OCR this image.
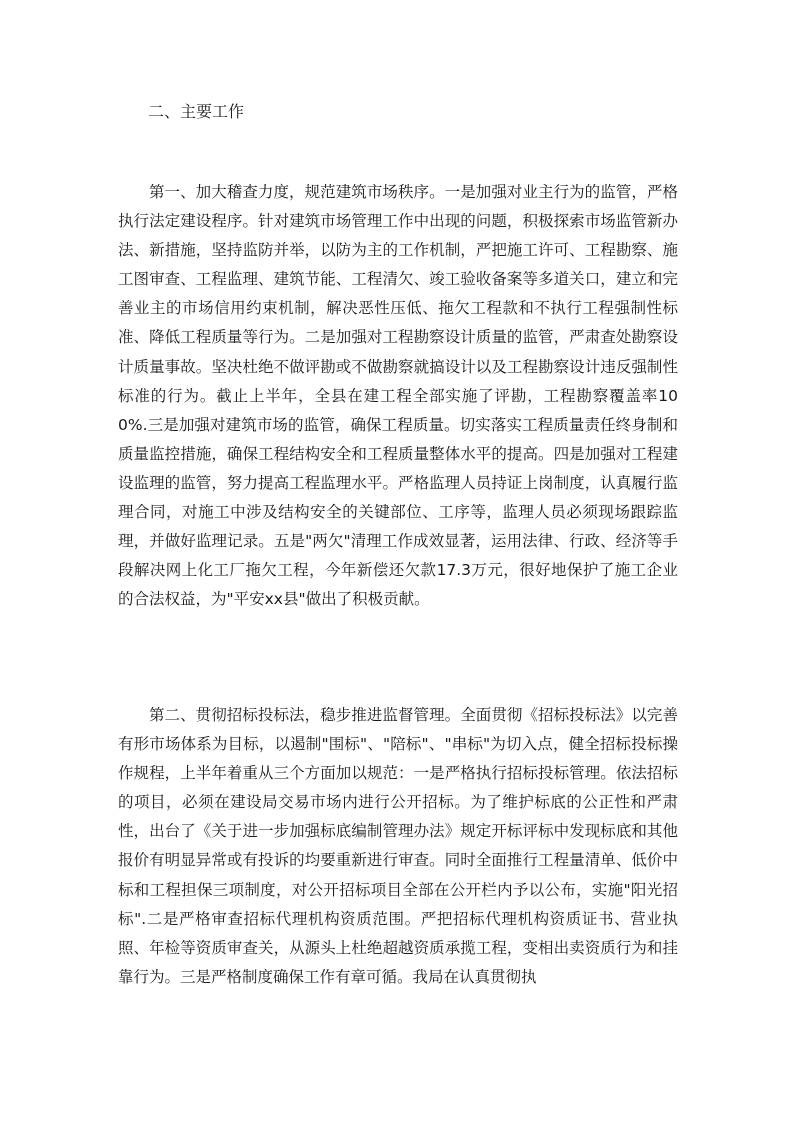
二、主要工作

第一、加大稽查力度，规范建筑市场秩序。一是加强对业主行为的监管，严格执行法定建设程序。针对建筑市场管理工作中出现的问题，积极探索市场监管新办法、新措施，坚持监防并举，以防为主的工作机制，严把施工许可、工程勘察、施工图审查、工程监理、建筑节能、工程清欠、竣工验收备案等多道关口，建立和完善业主的市场信用约束机制，解决恶性压低、拖欠工程款和不执行工程强制性标准、降低工程质量等行为。二是加强对工程勘察设计质量的监管，严肃查处勘察设计质量事故。坚决杜绝不做评勘或不做勘察就搞设计以及工程勘察设计违反强制性标准的行为。截止上半年，全县在建工程全部实施了评勘，工程勘察覆盖率100%.三是加强对建筑市场的监管，确保工程质量。切实落实工程质量责任终身制和质量监控措施，确保工程结构安全和工程质量整体水平的提高。四是加强对工程建设监理的监管，努力提高工程监理水平。严格监理人员持证上岗制度，认真履行监理合同，对施工中涉及结构安全的关键部位、工序等，监理人员必须现场跟踪监理，并做好监理记录。五是"两欠"清理工作成效显著，运用法律、行政、经济等手段解决网上化工厂拖欠工程，今年新偿还欠款17.3万元，很好地保护了施工企业的合法权益，为"平安xx县"做出了积极贡献。

第二、贯彻招标投标法，稳步推进监督管理。全面贯彻《招标投标法》以完善有形市场体系为目标，以遏制"围标"、"陪标"、"串标"为切入点，健全招标投标操作规程，上半年着重从三个方面加以规范：一是严格执行招标投标管理。依法招标的项目，必须在建设局交易市场内进行公开招标。为了维护标底的公正性和严肃性，出台了《关于进一步加强标底编制管理办法》规定开标评标中发现标底和其他报价有明显异常或有投诉的均要重新进行审查。同时全面推行工程量清单、低价中标和工程担保三项制度，对公开招标项目全部在公开栏内予以公布，实施"阳光招标".二是严格审查招标代理机构资质范围。严把招标代理机构资质证书、营业执照、年检等资质审查关，从源头上杜绝超越资质承揽工程，变相出卖资质行为和挂靠行为。三是严格制度确保工作有章可循。我局在认真贯彻执
